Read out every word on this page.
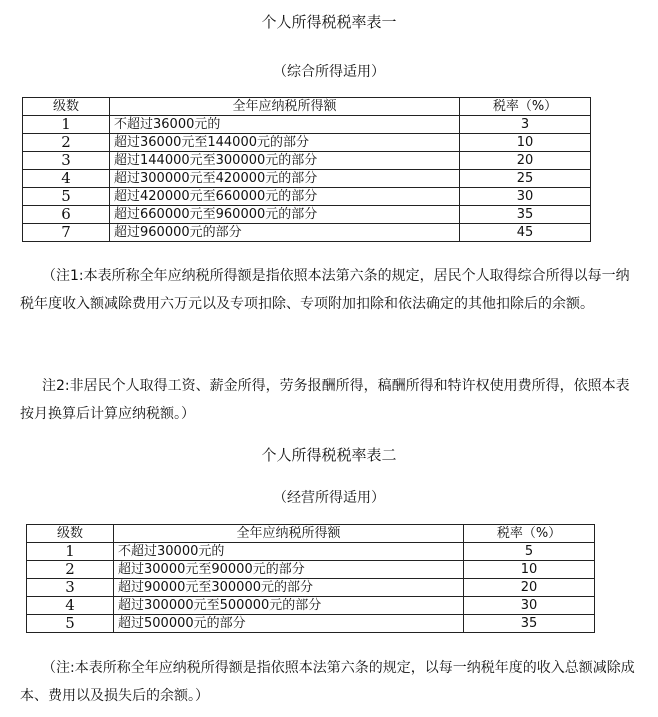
个人所得税税率表一
（综合所得适用）
级数	全年应纳税所得额	税率（%）
1	不超过36000元的	3
2	超过36000元至144000元的部分	10
3	超过144000元至300000元的部分	20
4	超过300000元至420000元的部分	25
5	超过420000元至660000元的部分	30
6	超过660000元至960000元的部分	35
7	超过960000元的部分	45
（注1:本表所称全年应纳税所得额是指依照本法第六条的规定，居民个人取得综合所得以每一纳税年度收入额减除费用六万元以及专项扣除、专项附加扣除和依法确定的其他扣除后的余额。
注2:非居民个人取得工资、薪金所得，劳务报酬所得，稿酬所得和特许权使用费所得，依照本表按月换算后计算应纳税额。）
个人所得税税率表二
（经营所得适用）
级数	全年应纳税所得额	税率（%）
1	不超过30000元的	5
2	超过30000元至90000元的部分	10
3	超过90000元至300000元的部分	20
4	超过300000元至500000元的部分	30
5	超过500000元的部分	35
（注:本表所称全年应纳税所得额是指依照本法第六条的规定，以每一纳税年度的收入总额减除成本、费用以及损失后的余额。）
